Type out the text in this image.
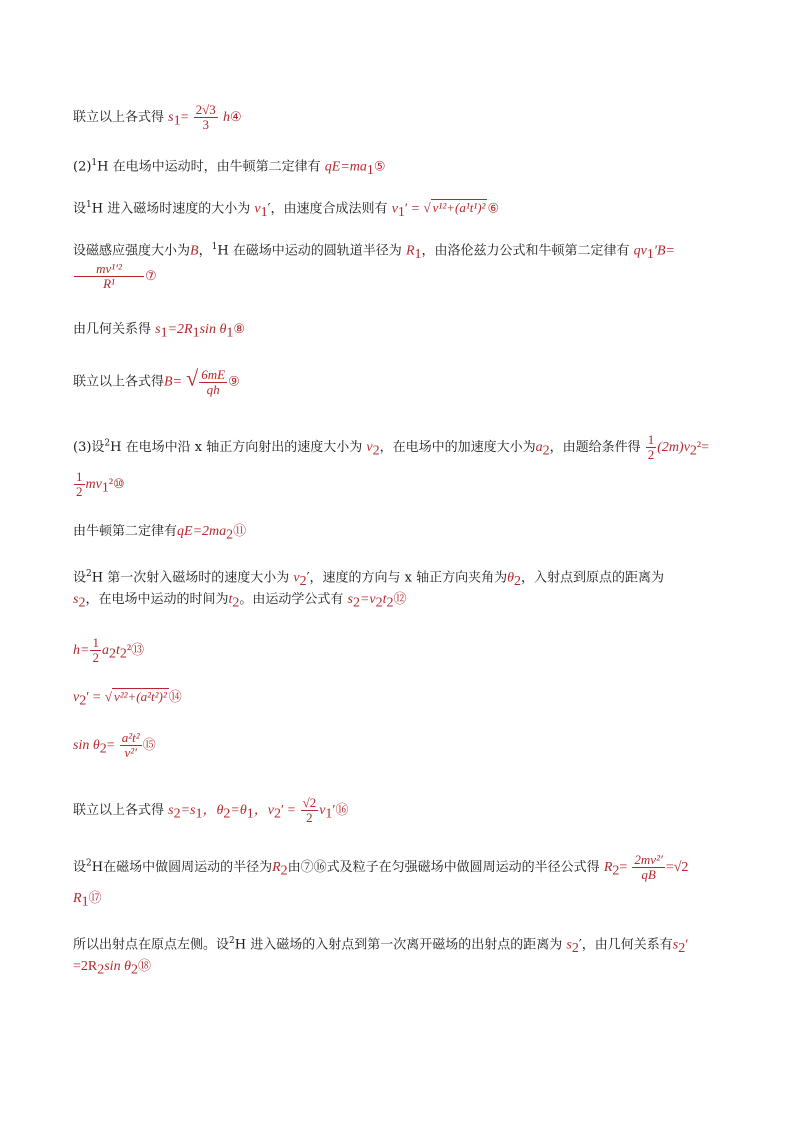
联立以上各式得 $s_1= \frac{2√3}{3}$ h④
$(2)^1H$ 在电场中运动时，由牛顿第二定律有 $qE=ma_1⑤$
设$^1$H 进入磁场时速度的大小为 $v_1'$，由速度合成法则有 $v_1'$ = √ v¹²+(a¹t¹)² ⑥
设磁感应强度大小为B，$^1$H 在磁场中运动的圆轨道半径为 $R_1$，由洛伦兹力公式和牛顿第二定律有 $qv_1'B=$
$\frac{\text{mv¹′²}}{\text{R¹}}$ ⑦
由几何关系得 $s_1=2R_1\sin$ $\theta_1⑧$
联立以上各式得B= √ $\frac{6mE}{qh}$ ⑨
(3)设$^2$H 在电场中沿 x 轴正方向射出的速度大小为 $v_2$，在电场中的加速度大小为$a_2$，由题给条件得 $\frac{1}{2} (2m)v_2^2=$
$\frac{1}{2}$ $mv_1^2⑩$
由牛顿第二定律有$qE=2ma_2⑪$
设$^2$H 第一次射入磁场时的速度大小为 $v_2'$，速度的方向与 x 轴正方向夹角为$\theta_2$，入射点到原点的距离为
$s_2$，在电场中运动的时间为$t_2$。由运动学公式有 $s_2=v_2t_2⑫$
$h= \frac{1}{2}$ $a_2t_2^2⑬$
$v_2'$ = √ v²²+(a²t²)² ⑭
$\sin \theta_2= \frac{\text{a²t²}}{\text{v²′}}$ ⑮
联立以上各式得 $s_2=s_1$，$\theta_2=\theta_1$，$v_2' = \frac{√2}{2}$ $v_1'⑯$
设$^2$H在磁场中做圆周运动的半径为$R_2$由⑦⑯式及粒子在匀强磁场中做圆周运动的半径公式得 $R_2= \frac{\text{2mv²′}}{qB} =√2$
$R_1⑰$
所以出射点在原点左侧。设$^2$H 进入磁场的入射点到第一次离开磁场的出射点的距离为 $s_2'$，由几何关系有$s_2'$
$=2R_2\sin$ $\theta_2⑱$
